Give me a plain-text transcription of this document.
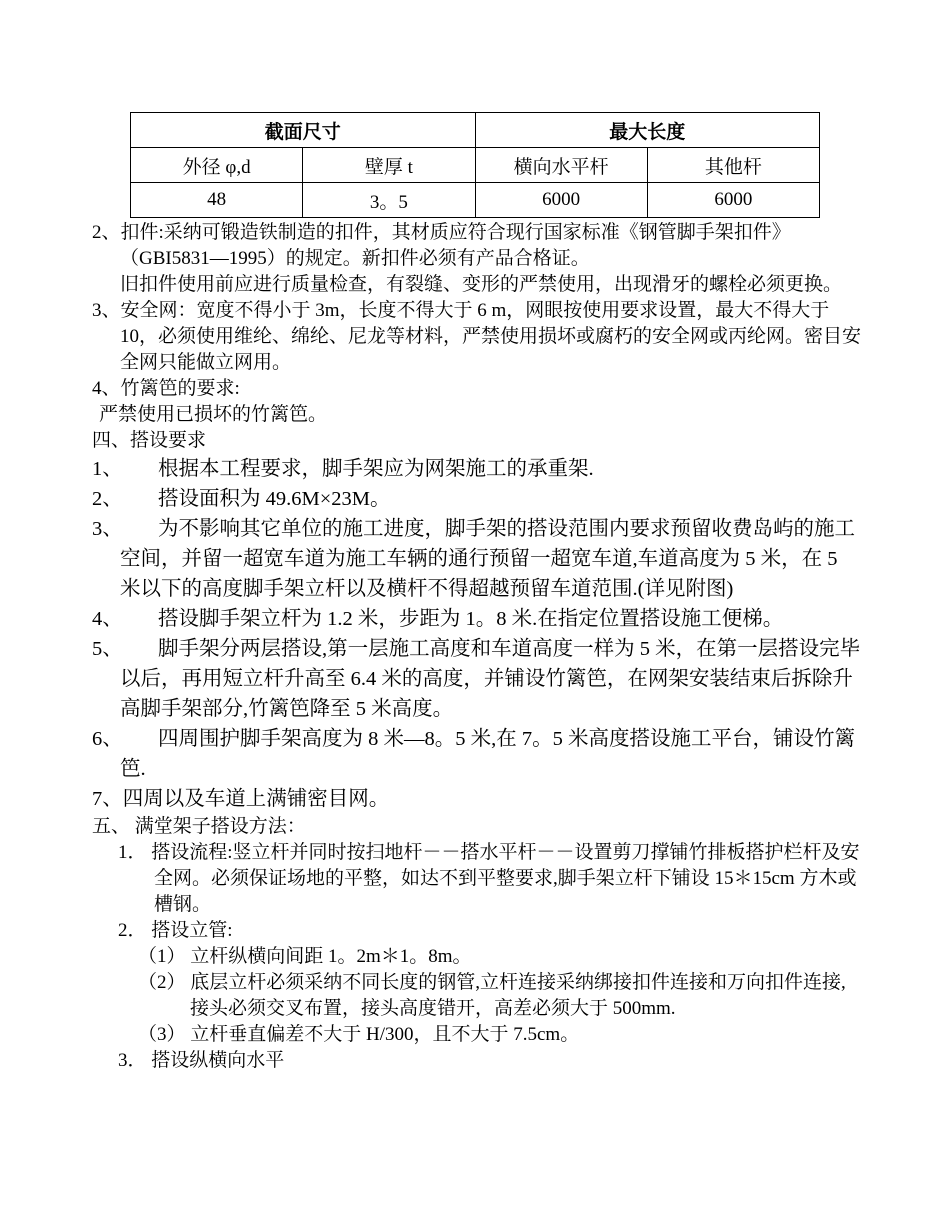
截面尺寸		最大长度	
外径 φ,d	壁厚 t	横向水平杆	其他杆
48	3。5	6000	6000

2、扣件:采纳可锻造铁制造的扣件，其材质应符合现行国家标准《钢管脚手架扣件》（GBI5831—1995）的规定。新扣件必须有产品合格证。

旧扣件使用前应进行质量检查，有裂缝、变形的严禁使用，出现滑牙的螺栓必须更换。

3、安全网：宽度不得小于 3m，长度不得大于 6 m，网眼按使用要求设置，最大不得大于 10，必须使用维纶、绵纶、尼龙等材料，严禁使用损坏或腐朽的安全网或丙纶网。密目安全网只能做立网用。

4、竹篱笆的要求:

严禁使用已损坏的竹篱笆。

四、搭设要求

1、 根据本工程要求，脚手架应为网架施工的承重架.

2、 搭设面积为 49.6M×23M。

3、 为不影响其它单位的施工进度，脚手架的搭设范围内要求预留收费岛屿的施工空间，并留一超宽车道为施工车辆的通行预留一超宽车道,车道高度为 5 米，在 5 米以下的高度脚手架立杆以及横杆不得超越预留车道范围.(详见附图)

4、 搭设脚手架立杆为 1.2 米，步距为 1。8 米.在指定位置搭设施工便梯。

5、 脚手架分两层搭设,第一层施工高度和车道高度一样为 5 米，在第一层搭设完毕以后，再用短立杆升高至 6.4 米的高度，并铺设竹篱笆，在网架安装结束后拆除升高脚手架部分,竹篱笆降至 5 米高度。

6、 四周围护脚手架高度为 8 米—8。5 米,在 7。5 米高度搭设施工平台，铺设竹篱笆.

7、四周以及车道上满铺密目网。

五、 满堂架子搭设方法：

1． 搭设流程:竖立杆并同时按扫地杆－－搭水平杆－－设置剪刀撑铺竹排板搭护栏杆及安全网。必须保证场地的平整，如达不到平整要求,脚手架立杆下铺设 15＊15cm 方木或槽钢。

2． 搭设立管:

（1） 立杆纵横向间距 1。2m＊1。8m。

（2） 底层立杆必须采纳不同长度的钢管,立杆连接采纳绑接扣件连接和万向扣件连接,接头必须交叉布置，接头高度错开，高差必须大于 500mm.

（3） 立杆垂直偏差不大于 H/300，且不大于 7.5cm。

3． 搭设纵横向水平
